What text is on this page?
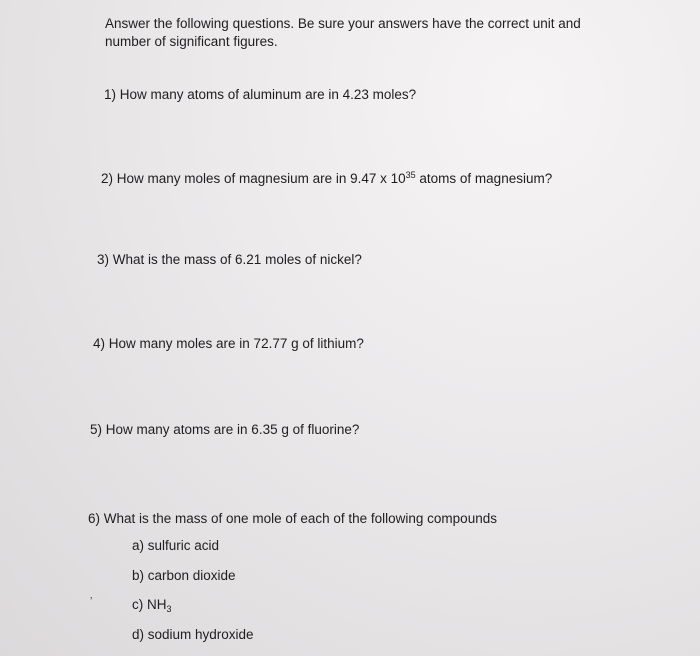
Answer the following questions. Be sure your answers have the correct unit and number of significant figures.
1) How many atoms of aluminum are in 4.23 moles?
2) How many moles of magnesium are in 9.47 x $10^{35}$ atoms of magnesium?
3) What is the mass of 6.21 moles of nickel?
4) How many moles are in 72.77 g of lithium?
5) How many atoms are in 6.35 g of fluorine?
6) What is the mass of one mole of each of the following compounds
a) sulfuric acid
b) carbon dioxide
c) $NH_3$
d) sodium hydroxide
ʼ
